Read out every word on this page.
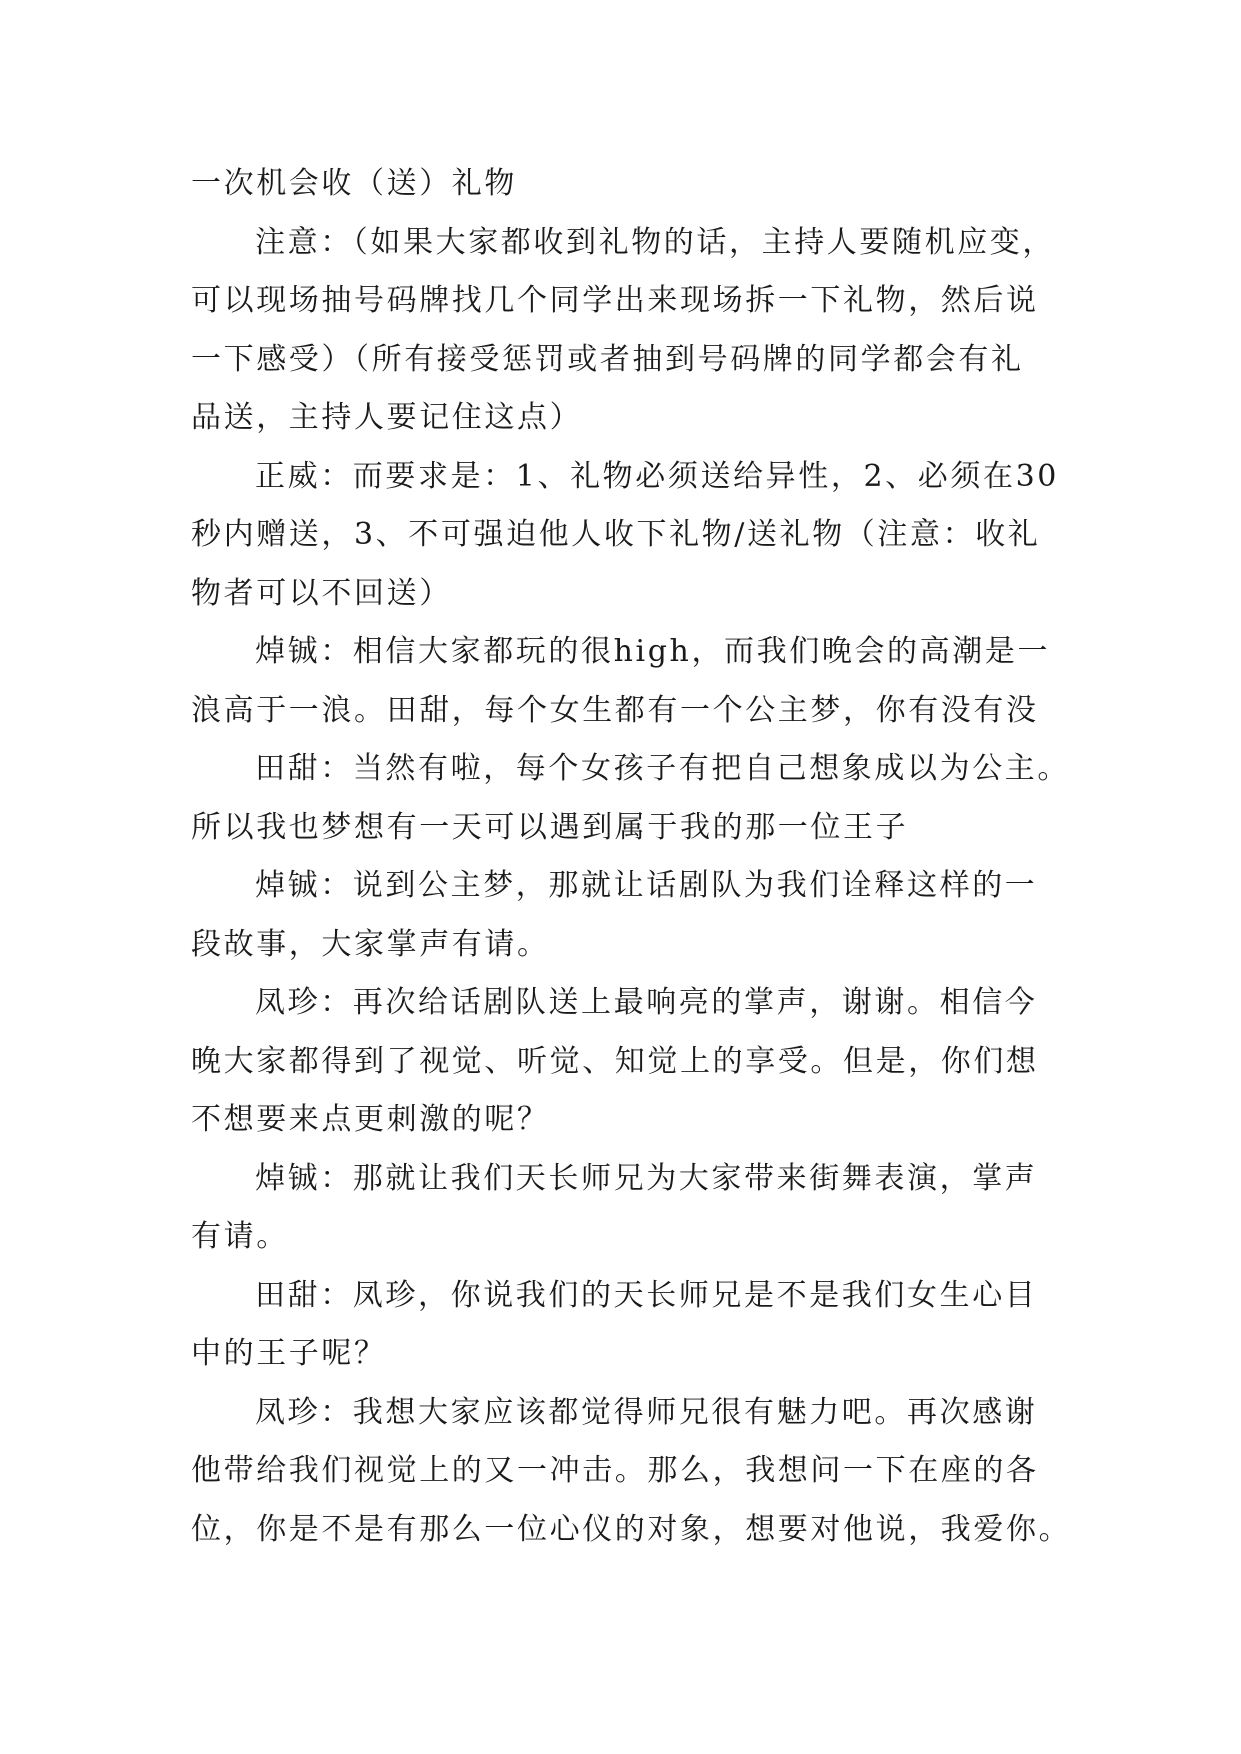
一次机会收（送）礼物
注意：（如果大家都收到礼物的话，主持人要随机应变，
可以现场抽号码牌找几个同学出来现场拆一下礼物，然后说
一下感受）（所有接受惩罚或者抽到号码牌的同学都会有礼
品送，主持人要记住这点）
正威：而要求是：1、礼物必须送给异性，2、必须在30
秒内赠送，3、不可强迫他人收下礼物/送礼物（注意：收礼
物者可以不回送）
焯铖：相信大家都玩的很high，而我们晚会的高潮是一
浪高于一浪。田甜，每个女生都有一个公主梦，你有没有没
田甜：当然有啦，每个女孩子有把自己想象成以为公主。
所以我也梦想有一天可以遇到属于我的那一位王子
焯铖：说到公主梦，那就让话剧队为我们诠释这样的一
段故事，大家掌声有请。
凤珍：再次给话剧队送上最响亮的掌声，谢谢。相信今
晚大家都得到了视觉、听觉、知觉上的享受。但是，你们想
不想要来点更刺激的呢？
焯铖：那就让我们天长师兄为大家带来街舞表演，掌声
有请。
田甜：凤珍，你说我们的天长师兄是不是我们女生心目
中的王子呢？
凤珍：我想大家应该都觉得师兄很有魅力吧。再次感谢
他带给我们视觉上的又一冲击。那么，我想问一下在座的各
位，你是不是有那么一位心仪的对象，想要对他说，我爱你。
